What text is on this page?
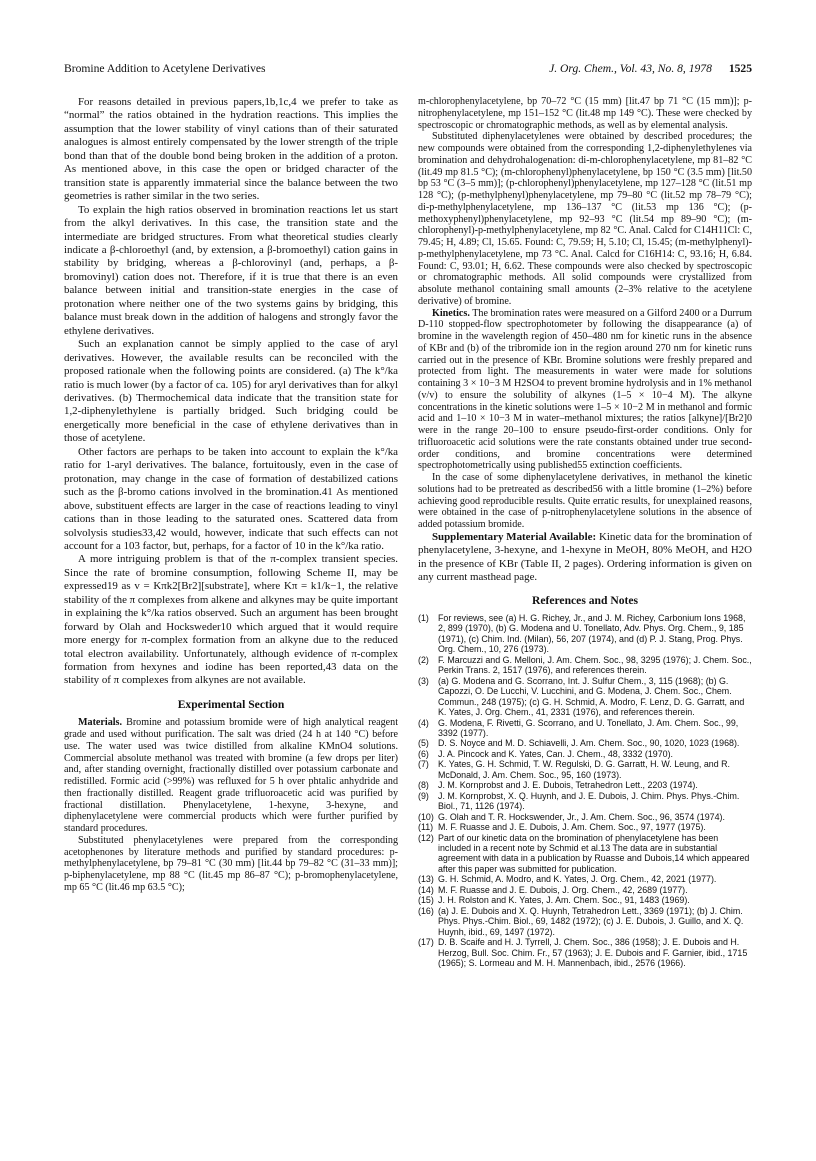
Bromine Addition to Acetylene Derivatives	J. Org. Chem., Vol. 43, No. 8, 1978 1525

For reasons detailed in previous papers,1b,1c,4 we prefer to take as “normal” the ratios obtained in the hydration reactions. This implies the assumption that the lower stability of vinyl cations than of their saturated analogues is almost entirely compensated by the lower strength of the triple bond than that of the double bond being broken in the addition of a proton. As mentioned above, in this case the open or bridged character of the transition state is apparently immaterial since the balance between the two geometries is rather similar in the two series.

To explain the high ratios observed in bromination reactions let us start from the alkyl derivatives. In this case, the transition state and the intermediate are bridged structures. From what theoretical studies clearly indicate a β-chloroethyl (and, by extension, a β-bromoethyl) cation gains in stability by bridging, whereas a β-chlorovinyl (and, perhaps, a β-bromovinyl) cation does not. Therefore, if it is true that there is an even balance between initial and transition-state energies in the case of protonation where neither one of the two systems gains by bridging, this balance must break down in the addition of halogens and strongly favor the ethylene derivatives.

Such an explanation cannot be simply applied to the case of aryl derivatives. However, the available results can be reconciled with the proposed rationale when the following points are considered. (a) The k°/ka ratio is much lower (by a factor of ca. 105) for aryl derivatives than for alkyl derivatives. (b) Thermochemical data indicate that the transition state for 1,2-diphenylethylene is partially bridged. Such bridging could be energetically more beneficial in the case of ethylene derivatives than in those of acetylene.

Other factors are perhaps to be taken into account to explain the k°/ka ratio for 1-aryl derivatives. The balance, fortuitously, even in the case of protonation, may change in the case of formation of destabilized cations such as the β-bromo cations involved in the bromination.41 As mentioned above, substituent effects are larger in the case of reactions leading to vinyl cations than in those leading to the saturated ones. Scattered data from solvolysis studies33,42 would, however, indicate that such effects can not account for a 103 factor, but, perhaps, for a factor of 10 in the k°/ka ratio.

A more intriguing problem is that of the π-complex transient species. Since the rate of bromine consumption, following Scheme II, may be expressed19 as v = Kπk2[Br2][substrate], where Kπ = k1/k−1, the relative stability of the π complexes from alkene and alkynes may be quite important in explaining the k°/ka ratios observed. Such an argument has been brought forward by Olah and Hocksweder10 which argued that it would require more energy for π-complex formation from an alkyne due to the reduced total electron availability. Unfortunately, although evidence of π-complex formation from hexynes and iodine has been reported,43 data on the stability of π complexes from alkynes are not available.

Experimental Section

Materials. Bromine and potassium bromide were of high analytical reagent grade and used without purification. The salt was dried (24 h at 140 °C) before use. The water used was twice distilled from alkaline KMnO4 solutions. Commercial absolute methanol was treated with bromine (a few drops per liter) and, after standing overnight, fractionally distilled over potassium carbonate and redistilled. Formic acid (>99%) was refluxed for 5 h over phtalic anhydride and then fractionally distilled. Reagent grade trifluoroacetic acid was purified by fractional distillation. Phenylacetylene, 1-hexyne, 3-hexyne, and diphenylacetylene were commercial products which were further purified by standard procedures.

Substituted phenylacetylenes were prepared from the corresponding acetophenones by literature methods and purified by standard procedures: p-methylphenylacetylene, bp 79–81 °C (30 mm) [lit.44 bp 79–82 °C (31–33 mm)]; p-biphenylacetylene, mp 88 °C (lit.45 mp 86–87 °C); p-bromophenylacetylene, mp 65 °C (lit.46 mp 63.5 °C);

m-chlorophenylacetylene, bp 70–72 °C (15 mm) [lit.47 bp 71 °C (15 mm)]; p-nitrophenylacetylene, mp 151–152 °C (lit.48 mp 149 °C). These were checked by spectroscopic or chromatographic methods, as well as by elemental analysis.

Substituted diphenylacetylenes were obtained by described procedures; the new compounds were obtained from the corresponding 1,2-diphenylethylenes via bromination and dehydrohalogenation: di-m-chlorophenylacetylene, mp 81–82 °C (lit.49 mp 81.5 °C); (m-chlorophenyl)phenylacetylene, bp 150 °C (3.5 mm) [lit.50 bp 53 °C (3–5 mm)]; (p-chlorophenyl)phenylacetylene, mp 127–128 °C (lit.51 mp 128 °C); (p-methylphenyl)phenylacetylene, mp 79–80 °C (lit.52 mp 78–79 °C); di-p-methylphenylacetylene, mp 136–137 °C (lit.53 mp 136 °C); (p-methoxyphenyl)phenylacetylene, mp 92–93 °C (lit.54 mp 89–90 °C); (m-chlorophenyl)-p-methylphenylacetylene, mp 82 °C. Anal. Calcd for C14H11Cl: C, 79.45; H, 4.89; Cl, 15.65. Found: C, 79.59; H, 5.10; Cl, 15.45; (m-methylphenyl)-p-methylphenylacetylene, mp 73 °C. Anal. Calcd for C16H14: C, 93.16; H, 6.84. Found: C, 93.01; H, 6.62. These compounds were also checked by spectroscopic or chromatographic methods. All solid compounds were crystallized from absolute methanol containing small amounts (2–3% relative to the acetylene derivative) of bromine.

Kinetics. The bromination rates were measured on a Gilford 2400 or a Durrum D-110 stopped-flow spectrophotometer by following the disappearance (a) of bromine in the wavelength region of 450–480 nm for kinetic runs in the absence of KBr and (b) of the tribromide ion in the region around 270 nm for kinetic runs carried out in the presence of KBr. Bromine solutions were freshly prepared and protected from light. The measurements in water were made for solutions containing 3 × 10−3 M H2SO4 to prevent bromine hydrolysis and in 1% methanol (v/v) to ensure the solubility of alkynes (1–5 × 10−4 M). The alkyne concentrations in the kinetic solutions were 1–5 × 10−2 M in methanol and formic acid and 1–10 × 10−3 M in water–methanol mixtures; the ratios [alkyne]/[Br2]0 were in the range 20–100 to ensure pseudo-first-order conditions. Only for trifluoroacetic acid solutions were the rate constants obtained under true second-order conditions, and bromine concentrations were determined spectrophotometrically using published55 extinction coefficients.

In the case of some diphenylacetylene derivatives, in methanol the kinetic solutions had to be pretreated as described56 with a little bromine (1–2%) before achieving good reproducible results. Quite erratic results, for unexplained reasons, were obtained in the case of p-nitrophenylacetylene solutions in the absence of added potassium bromide.

Supplementary Material Available: Kinetic data for the bromination of phenylacetylene, 3-hexyne, and 1-hexyne in MeOH, 80% MeOH, and H2O in the presence of KBr (Table II, 2 pages). Ordering information is given on any current masthead page.

References and Notes
(1)	For reviews, see (a) H. G. Richey, Jr., and J. M. Richey, Carbonium Ions 1968, 2, 899 (1970), (b) G. Modena and U. Tonellato, Adv. Phys. Org. Chem., 9, 185 (1971), (c) Chim. Ind. (Milan), 56, 207 (1974), and (d) P. J. Stang, Prog. Phys. Org. Chem., 10, 276 (1973).
(2)	F. Marcuzzi and G. Melloni, J. Am. Chem. Soc., 98, 3295 (1976); J. Chem. Soc., Perkin Trans. 2, 1517 (1976), and references therein.
(3)	(a) G. Modena and G. Scorrano, Int. J. Sulfur Chem., 3, 115 (1968); (b) G. Capozzi, O. De Lucchi, V. Lucchini, and G. Modena, J. Chem. Soc., Chem. Commun., 248 (1975); (c) G. H. Schmid, A. Modro, F. Lenz, D. G. Garratt, and K. Yates, J. Org. Chem., 41, 2331 (1976), and references therein.
(4)	G. Modena, F. Rivetti, G. Scorrano, and U. Tonellato, J. Am. Chem. Soc., 99, 3392 (1977).
(5)	D. S. Noyce and M. D. Schiavelli, J. Am. Chem. Soc., 90, 1020, 1023 (1968).
(6)	J. A. Pincock and K. Yates, Can. J. Chem., 48, 3332 (1970).
(7)	K. Yates, G. H. Schmid, T. W. Regulski, D. G. Garratt, H. W. Leung, and R. McDonald, J. Am. Chem. Soc., 95, 160 (1973).
(8)	J. M. Kornprobst and J. E. Dubois, Tetrahedron Lett., 2203 (1974).
(9)	J. M. Kornprobst, X. Q. Huynh, and J. E. Dubois, J. Chim. Phys. Phys.-Chim. Biol., 71, 1126 (1974).
(10) G. Olah and T. R. Hockswender, Jr., J. Am. Chem. Soc., 96, 3574 (1974).
(11) M. F. Ruasse and J. E. Dubois, J. Am. Chem. Soc., 97, 1977 (1975).
(12) Part of our kinetic data on the bromination of phenylacetylene has been included in a recent note by Schmid et al.13 The data are in substantial agreement with data in a publication by Ruasse and Dubois,14 which appeared after this paper was submitted for publication.
(13) G. H. Schmid, A. Modro, and K. Yates, J. Org. Chem., 42, 2021 (1977).
(14) M. F. Ruasse and J. E. Dubois, J. Org. Chem., 42, 2689 (1977).
(15) J. H. Rolston and K. Yates, J. Am. Chem. Soc., 91, 1483 (1969).
(16) (a) J. E. Dubois and X. Q. Huynh, Tetrahedron Lett., 3369 (1971); (b) J. Chim. Phys. Phys.-Chim. Biol., 69, 1482 (1972); (c) J. E. Dubois, J. Guillo, and X. Q. Huynh, ibid., 69, 1497 (1972).
(17) D. B. Scaife and H. J. Tyrrell, J. Chem. Soc., 386 (1958); J. E. Dubois and H. Herzog, Bull. Soc. Chim. Fr., 57 (1963); J. E. Dubois and F. Garnier, ibid., 1715 (1965); S. Lormeau and M. H. Mannenbach, ibid., 2576 (1966).
